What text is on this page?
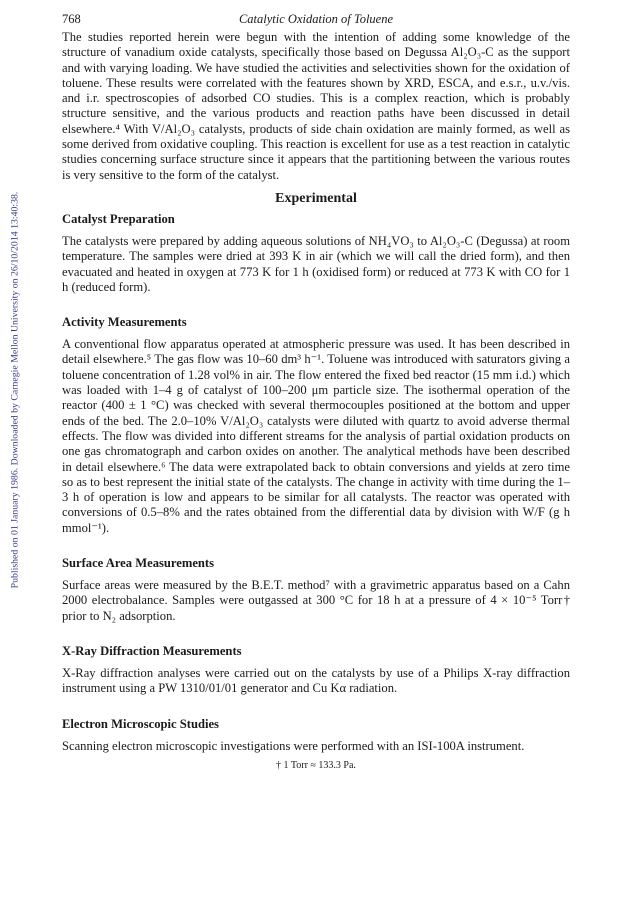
Published on 01 January 1986. Downloaded by Carnegie Mellon University on 26/10/2014 13:40:38.
768	Catalytic Oxidation of Toluene

The studies reported herein were begun with the intention of adding some knowledge of the structure of vanadium oxide catalysts, specifically those based on Degussa Al₂O₃-C as the support and with varying loading. We have studied the activities and selectivities shown for the oxidation of toluene. These results were correlated with the features shown by XRD, ESCA, and e.s.r., u.v./vis. and i.r. spectroscopies of adsorbed CO studies. This is a complex reaction, which is probably structure sensitive, and the various products and reaction paths have been discussed in detail elsewhere.⁴ With V/Al₂O₃ catalysts, products of side chain oxidation are mainly formed, as well as some derived from oxidative coupling. This reaction is excellent for use as a test reaction in catalytic studies concerning surface structure since it appears that the partitioning between the various routes is very sensitive to the form of the catalyst.

Experimental
Catalyst Preparation

The catalysts were prepared by adding aqueous solutions of NH₄VO₃ to Al₂O₃-C (Degussa) at room temperature. The samples were dried at 393 K in air (which we will call the dried form), and then evacuated and heated in oxygen at 773 K for 1 h (oxidised form) or reduced at 773 K with CO for 1 h (reduced form).

Activity Measurements

A conventional flow apparatus operated at atmospheric pressure was used. It has been described in detail elsewhere.⁵ The gas flow was 10–60 dm³ h⁻¹. Toluene was introduced with saturators giving a toluene concentration of 1.28 vol% in air. The flow entered the fixed bed reactor (15 mm i.d.) which was loaded with 1–4 g of catalyst of 100–200 μm particle size. The isothermal operation of the reactor (400 ± 1 °C) was checked with several thermocouples positioned at the bottom and upper ends of the bed. The 2.0–10% V/Al₂O₃ catalysts were diluted with quartz to avoid adverse thermal effects. The flow was divided into different streams for the analysis of partial oxidation products on one gas chromatograph and carbon oxides on another. The analytical methods have been described in detail elsewhere.⁶ The data were extrapolated back to obtain conversions and yields at zero time so as to best represent the initial state of the catalysts. The change in activity with time during the 1–3 h of operation is low and appears to be similar for all catalysts. The reactor was operated with conversions of 0.5–8% and the rates obtained from the differential data by division with W/F (g h mmol⁻¹).

Surface Area Measurements

Surface areas were measured by the B.E.T. method⁷ with a gravimetric apparatus based on a Cahn 2000 electrobalance. Samples were outgassed at 300 °C for 18 h at a pressure of 4 × 10⁻⁵ Torr† prior to N₂ adsorption.

X-Ray Diffraction Measurements

X-Ray diffraction analyses were carried out on the catalysts by use of a Philips X-ray diffraction instrument using a PW 1310/01/01 generator and Cu Kα radiation.

Electron Microscopic Studies

Scanning electron microscopic investigations were performed with an ISI-100A instrument.

† 1 Torr ≈ 133.3 Pa.
